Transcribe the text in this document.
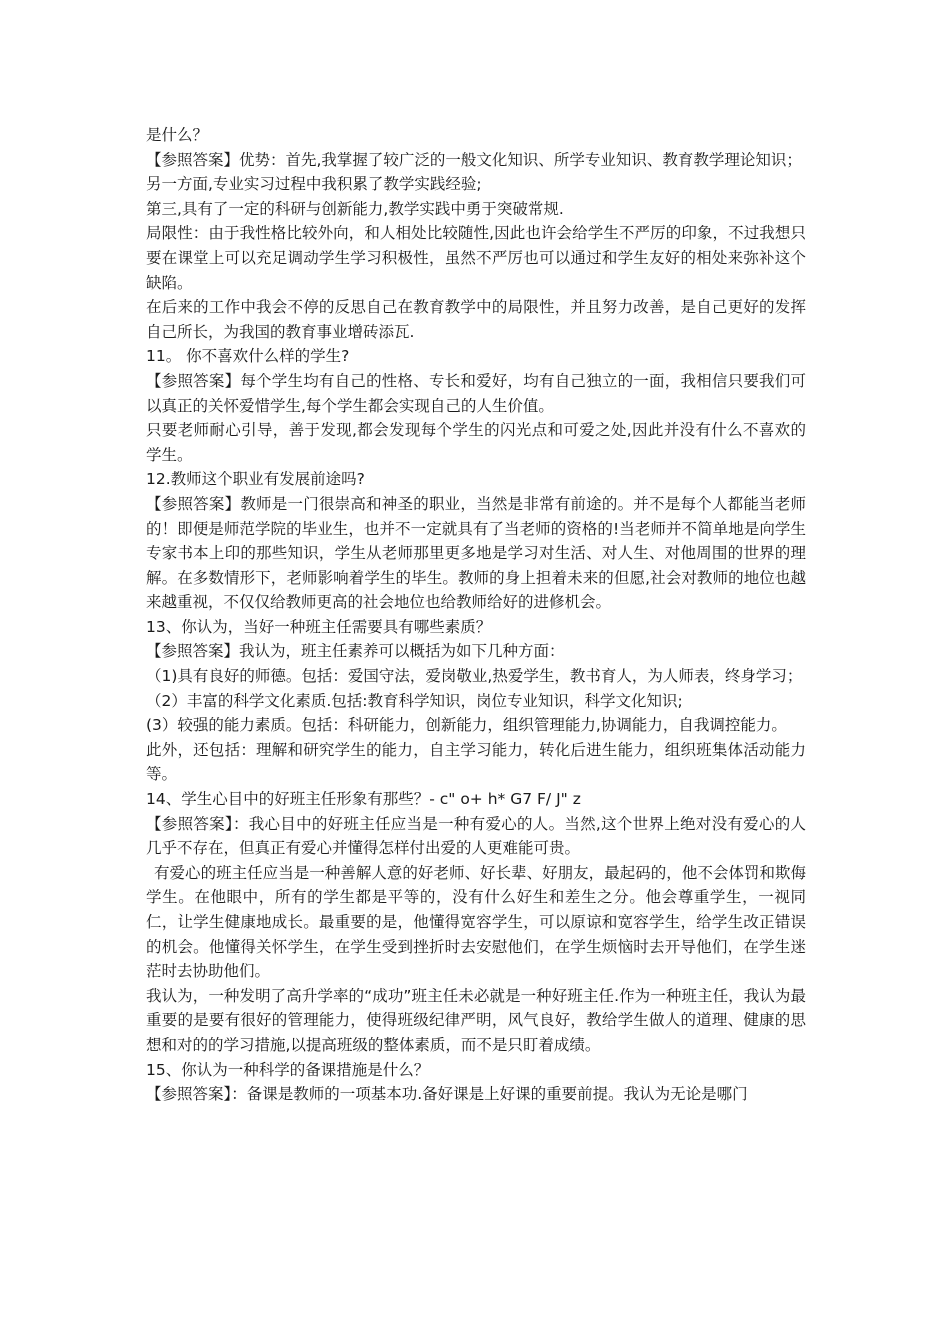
是什么？

【参照答案】优势：首先,我掌握了较广泛的一般文化知识、所学专业知识、教育教学理论知识；

另一方面,专业实习过程中我积累了教学实践经验;

第三,具有了一定的科研与创新能力,教学实践中勇于突破常规.

局限性：由于我性格比较外向，和人相处比较随性,因此也许会给学生不严厉的印象，不过我想只要在课堂上可以充足调动学生学习积极性，虽然不严厉也可以通过和学生友好的相处来弥补这个缺陷。

在后来的工作中我会不停的反思自己在教育教学中的局限性，并且努力改善，是自己更好的发挥自己所长，为我国的教育事业增砖添瓦.

11。 你不喜欢什么样的学生?

【参照答案】每个学生均有自己的性格、专长和爱好，均有自己独立的一面，我相信只要我们可以真正的关怀爱惜学生,每个学生都会实现自己的人生价值。

只要老师耐心引导，善于发现,都会发现每个学生的闪光点和可爱之处,因此并没有什么不喜欢的学生。

12.教师这个职业有发展前途吗?

【参照答案】教师是一门很崇高和神圣的职业，当然是非常有前途的。并不是每个人都能当老师的！即便是师范学院的毕业生，也并不一定就具有了当老师的资格的!当老师并不简单地是向学生专家书本上印的那些知识，学生从老师那里更多地是学习对生活、对人生、对他周围的世界的理解。在多数情形下，老师影响着学生的毕生。教师的身上担着未来的但愿,社会对教师的地位也越来越重视，不仅仅给教师更高的社会地位也给教师给好的进修机会。

13、你认为，当好一种班主任需要具有哪些素质？

【参照答案】我认为，班主任素养可以概括为如下几种方面：

（1)具有良好的师德。包括：爱国守法，爱岗敬业,热爱学生，教书育人，为人师表，终身学习；

（2）丰富的科学文化素质.包括:教育科学知识，岗位专业知识，科学文化知识;

(3）较强的能力素质。包括：科研能力，创新能力，组织管理能力,协调能力，自我调控能力。

此外，还包括：理解和研究学生的能力，自主学习能力，转化后进生能力，组织班集体活动能力等。

14、学生心目中的好班主任形象有那些？- c" o+ h* G7 F/ J" z

【参照答案】：我心目中的好班主任应当是一种有爱心的人。当然,这个世界上绝对没有爱心的人几乎不存在，但真正有爱心并懂得怎样付出爱的人更难能可贵。

有爱心的班主任应当是一种善解人意的好老师、好长辈、好朋友，最起码的，他不会体罚和欺侮学生。在他眼中，所有的学生都是平等的，没有什么好生和差生之分。他会尊重学生，一视同仁，让学生健康地成长。最重要的是，他懂得宽容学生，可以原谅和宽容学生，给学生改正错误的机会。他懂得关怀学生，在学生受到挫折时去安慰他们，在学生烦恼时去开导他们，在学生迷茫时去协助他们。

我认为，一种发明了高升学率的“成功”班主任未必就是一种好班主任.作为一种班主任，我认为最重要的是要有很好的管理能力，使得班级纪律严明，风气良好，教给学生做人的道理、健康的思想和对的的学习措施,以提高班级的整体素质，而不是只盯着成绩。

15、你认为一种科学的备课措施是什么？

【参照答案】：备课是教师的一项基本功.备好课是上好课的重要前提。我认为无论是哪门
